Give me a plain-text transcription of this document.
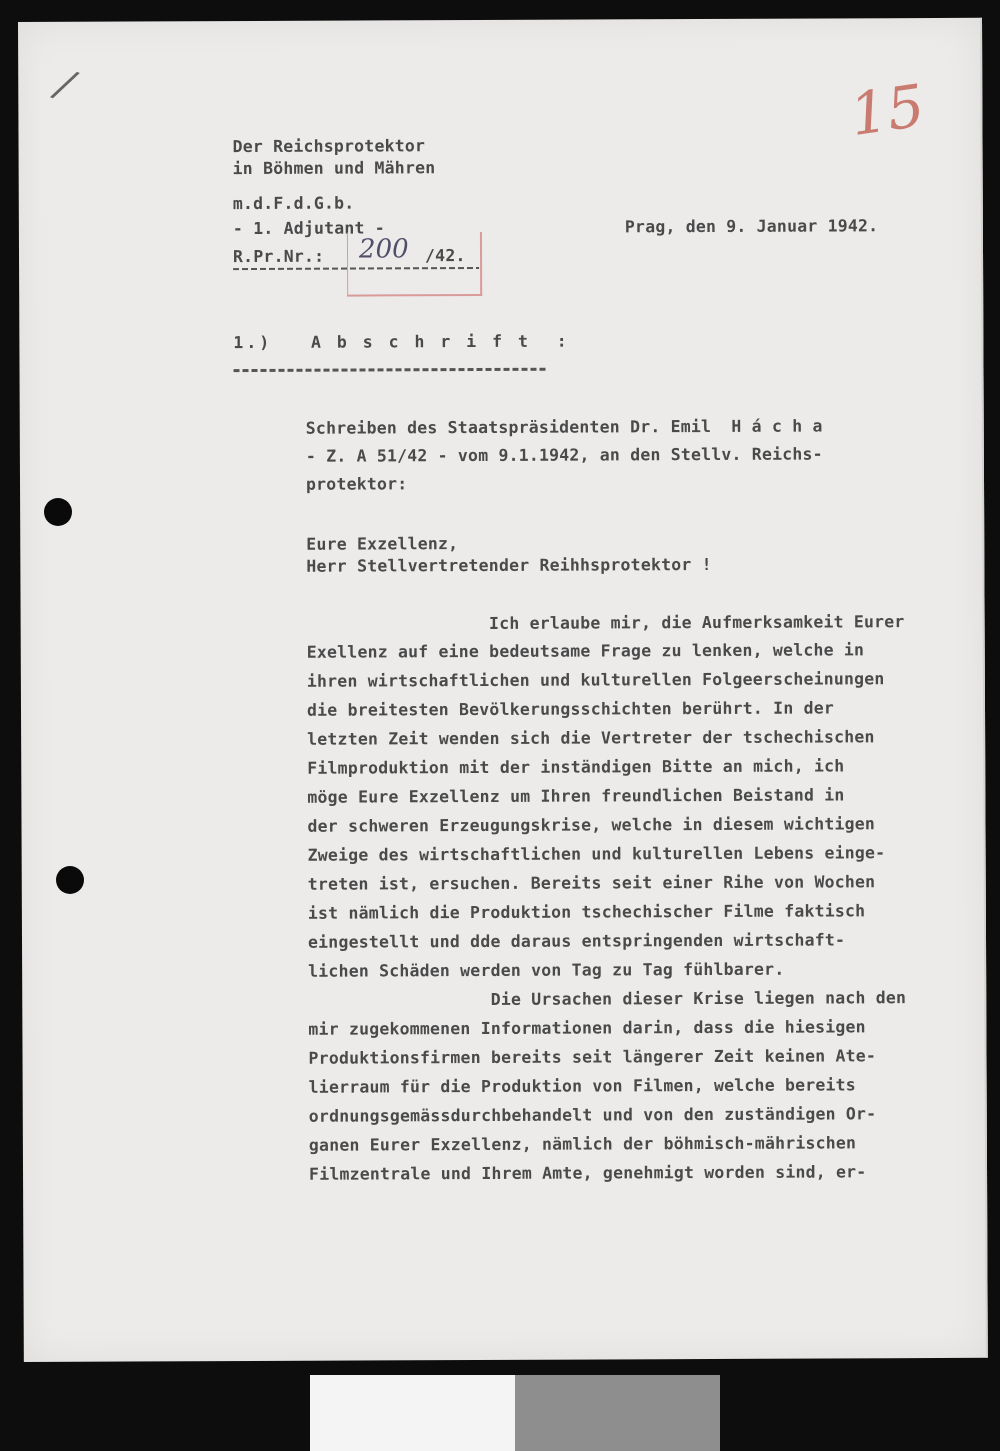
/	15
Der Reichsprotektor
in Böhmen und Mähren
m.d.F.d.G.b.
- 1. Adjutant -
R.Pr.Nr.: 200 /42.
Prag, den 9. Januar 1942.
1.)   A b s c h r i f t  :
Schreiben des Staatspräsidenten Dr. Emil  H á c h a
- Z. A 51/42 - vom 9.1.1942, an den Stellv. Reichs-
protektor:
Eure Exzellenz,
Herr Stellvertretender Reihhsprotektor !
Ich erlaube mir, die Aufmerksamkeit Eurer
Exellenz auf eine bedeutsame Frage zu lenken, welche in
ihren wirtschaftlichen und kulturellen Folgeerscheinungen
die breitesten Bevölkerungsschichten berührt. In der
letzten Zeit wenden sich die Vertreter der tschechischen
Filmproduktion mit der inständigen Bitte an mich, ich
möge Eure Exzellenz um Ihren freundlichen Beistand in
der schweren Erzeugungskrise, welche in diesem wichtigen
Zweige des wirtschaftlichen und kulturellen Lebens einge-
treten ist, ersuchen. Bereits seit einer Rihe von Wochen
ist nämlich die Produktion tschechischer Filme faktisch
eingestellt und dde daraus entspringenden wirtschaft-
lichen Schäden werden von Tag zu Tag fühlbarer.
Die Ursachen dieser Krise liegen nach den
mir zugekommenen Informationen darin, dass die hiesigen
Produktionsfirmen bereits seit längerer Zeit keinen Ate-
lierraum für die Produktion von Filmen, welche bereits
ordnungsgemässdurchbehandelt und von den zuständigen Or-
ganen Eurer Exzellenz, nämlich der böhmisch-mährischen
Filmzentrale und Ihrem Amte, genehmigt worden sind, er-
